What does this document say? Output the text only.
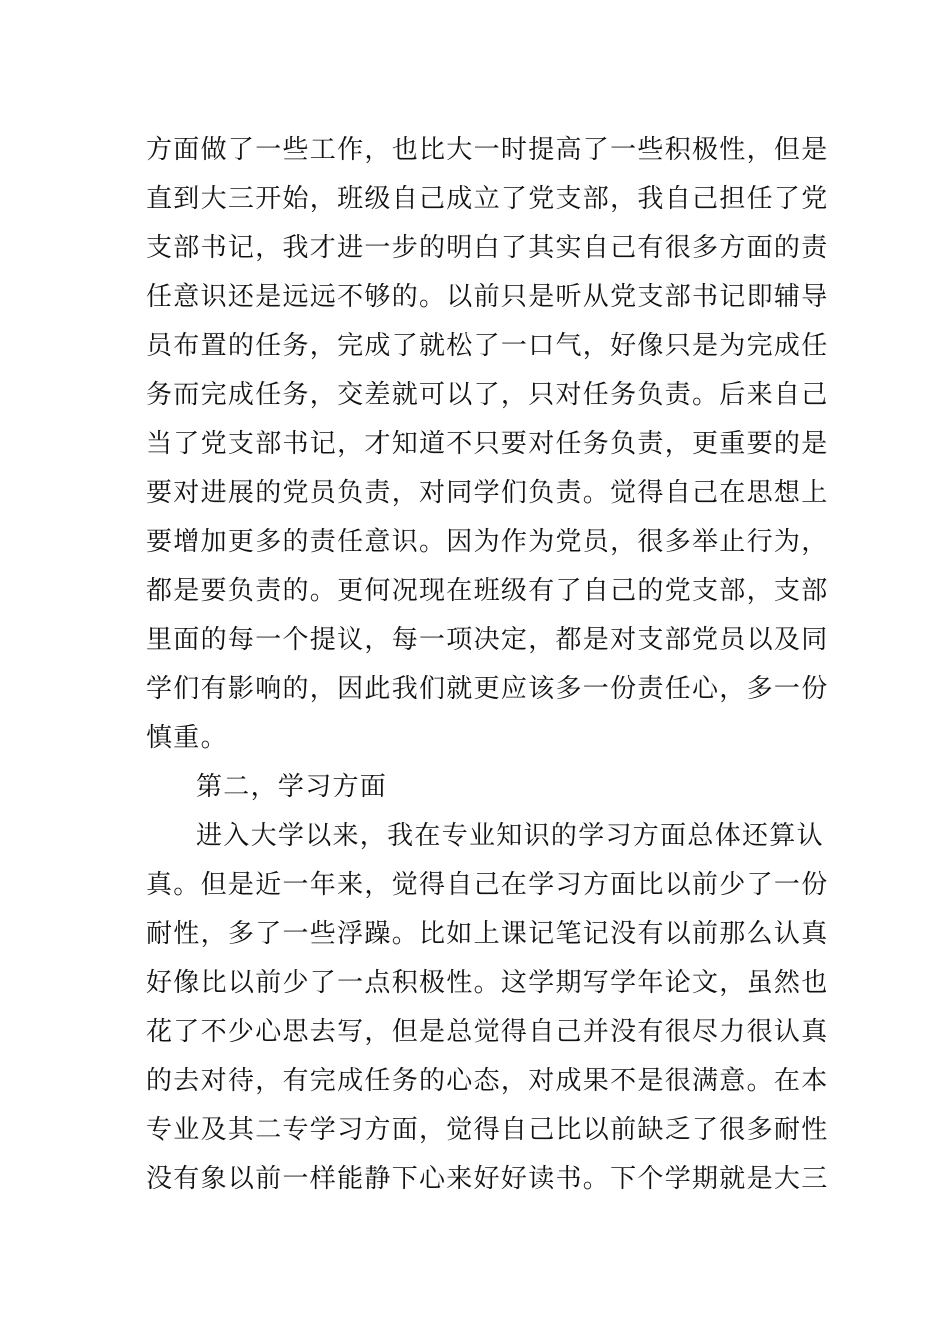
方面做了一些工作，也比大一时提高了一些积极性，但是
直到大三开始，班级自己成立了党支部，我自己担任了党
支部书记，我才进一步的明白了其实自己有很多方面的责
任意识还是远远不够的。以前只是听从党支部书记即辅导
员布置的任务，完成了就松了一口气，好像只是为完成任
务而完成任务，交差就可以了，只对任务负责。后来自己
当了党支部书记，才知道不只要对任务负责，更重要的是
要对进展的党员负责，对同学们负责。觉得自己在思想上
要增加更多的责任意识。因为作为党员，很多举止行为，
都是要负责的。更何况现在班级有了自己的党支部，支部
里面的每一个提议，每一项决定，都是对支部党员以及同
学们有影响的，因此我们就更应该多一份责任心，多一份
慎重。
第二，学习方面
进入大学以来，我在专业知识的学习方面总体还算认
真。但是近一年来，觉得自己在学习方面比以前少了一份
耐性，多了一些浮躁。比如上课记笔记没有以前那么认真
好像比以前少了一点积极性。这学期写学年论文，虽然也
花了不少心思去写，但是总觉得自己并没有很尽力很认真
的去对待，有完成任务的心态，对成果不是很满意。在本
专业及其二专学习方面，觉得自己比以前缺乏了很多耐性
没有象以前一样能静下心来好好读书。下个学期就是大三
